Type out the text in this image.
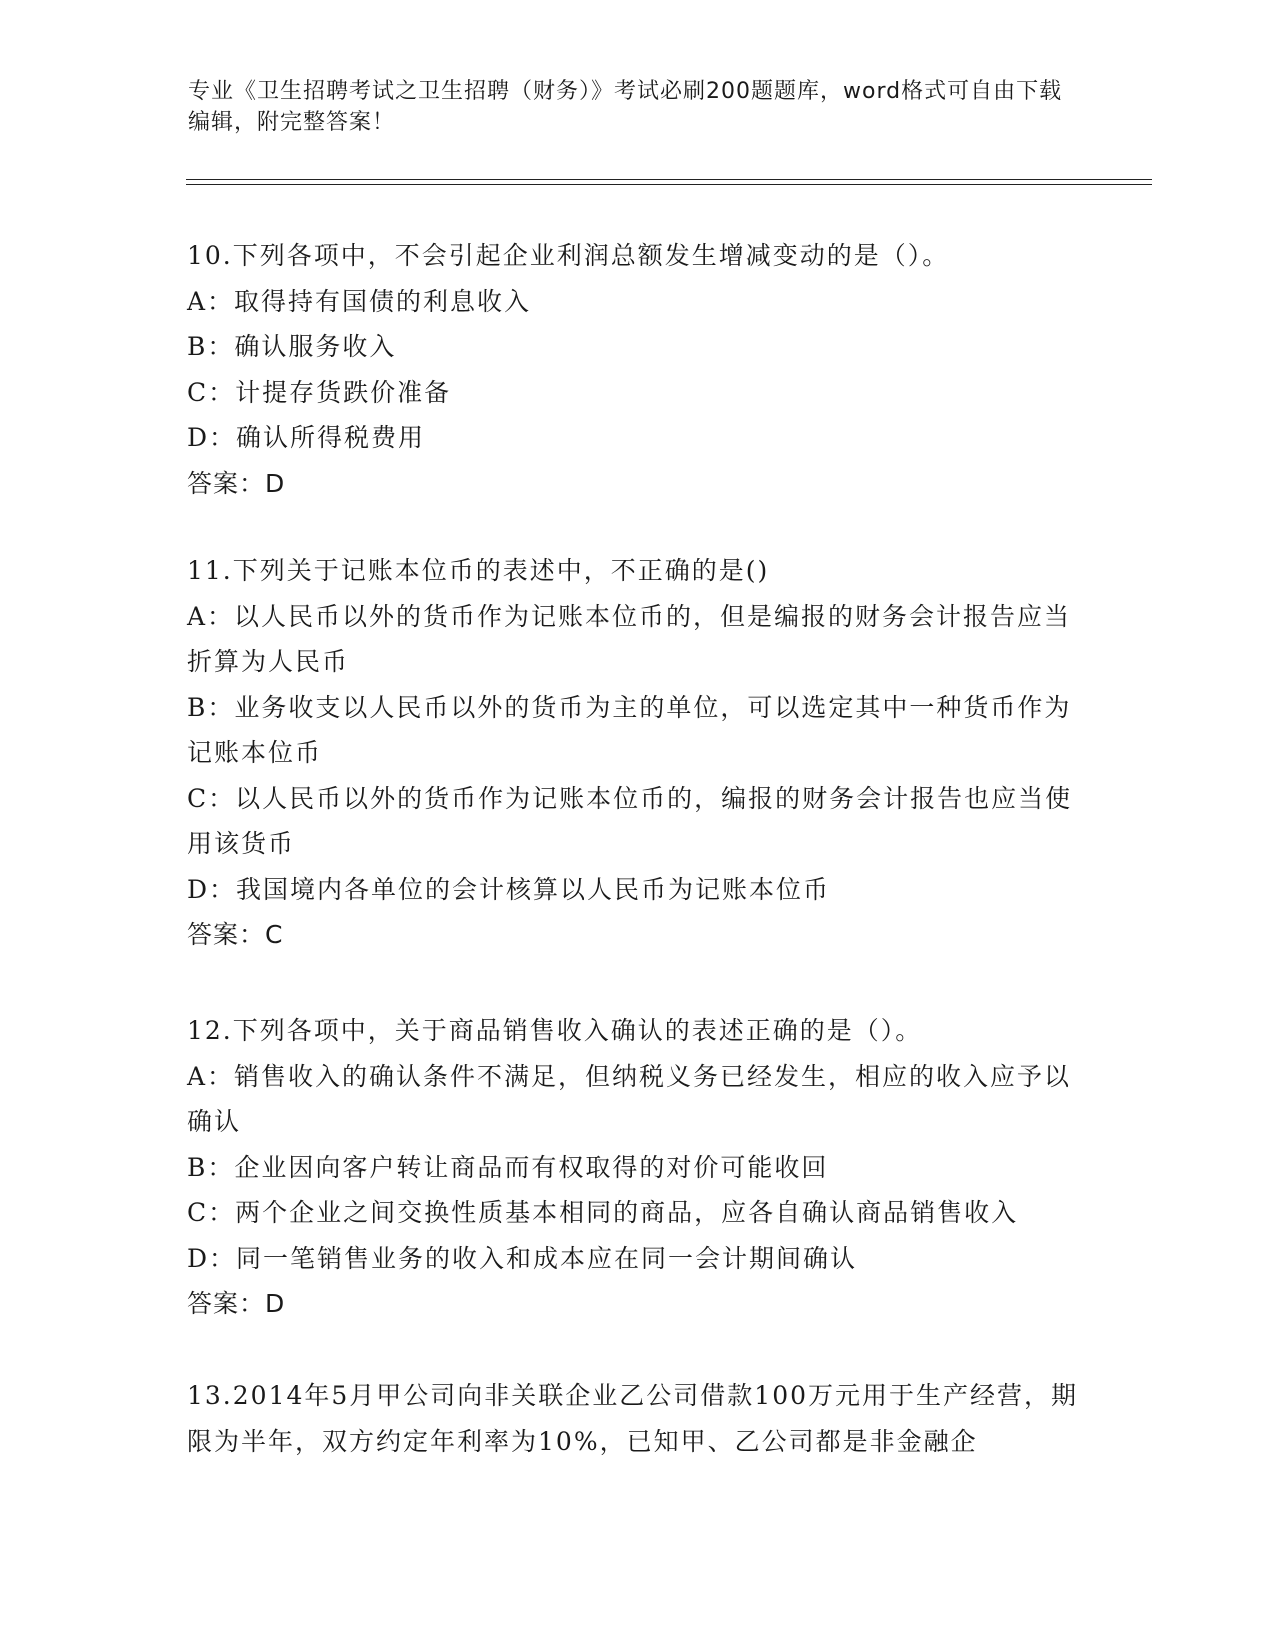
专业《卫生招聘考试之卫生招聘（财务）》考试必刷200题题库，word格式可自由下载编辑，附完整答案！
10.下列各项中，不会引起企业利润总额发生增减变动的是（）。
A：取得持有国债的利息收入
B：确认服务收入
C：计提存货跌价准备
D：确认所得税费用
答案：D
11.下列关于记账本位币的表述中，不正确的是()
A：以人民币以外的货币作为记账本位币的，但是编报的财务会计报告应当折算为人民币
B：业务收支以人民币以外的货币为主的单位，可以选定其中一种货币作为记账本位币
C：以人民币以外的货币作为记账本位币的，编报的财务会计报告也应当使用该货币
D：我国境内各单位的会计核算以人民币为记账本位币
答案：C
12.下列各项中，关于商品销售收入确认的表述正确的是（）。
A：销售收入的确认条件不满足，但纳税义务已经发生，相应的收入应予以确认
B：企业因向客户转让商品而有权取得的对价可能收回
C：两个企业之间交换性质基本相同的商品，应各自确认商品销售收入
D：同一笔销售业务的收入和成本应在同一会计期间确认
答案：D
13.2014年5月甲公司向非关联企业乙公司借款100万元用于生产经营，期限为半年，双方约定年利率为10%，已知甲、乙公司都是非金融企
